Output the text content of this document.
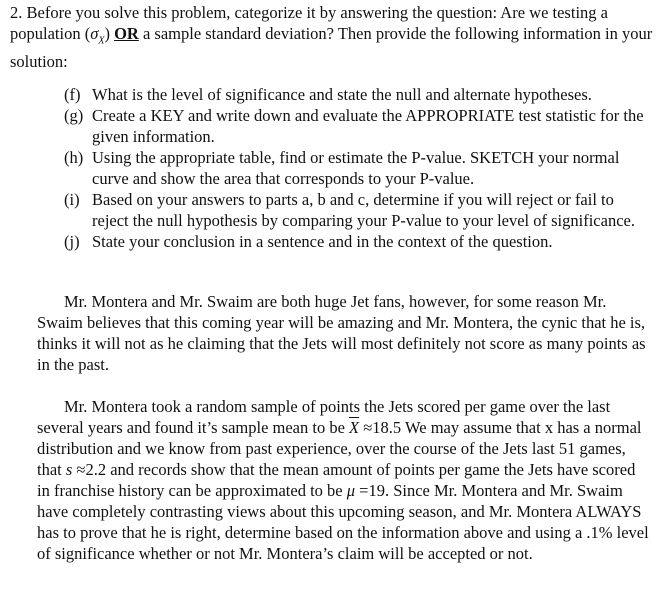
2. Before you solve this problem, categorize it by answering the question: Are we testing a population $(\sigma_X)$ OR a sample standard deviation? Then provide the following information in your solution:
(f) What is the level of significance and state the null and alternate hypotheses.
(g) Create a KEY and write down and evaluate the APPROPRIATE test statistic for the given information.
(h) Using the appropriate table, find or estimate the P-value. SKETCH your normal curve and show the area that corresponds to your P-value.
(i) Based on your answers to parts a, b and c, determine if you will reject or fail to reject the null hypothesis by comparing your P-value to your level of significance.
(j) State your conclusion in a sentence and in the context of the question.
Mr. Montera and Mr. Swaim are both huge Jet fans, however, for some reason Mr. Swaim believes that this coming year will be amazing and Mr. Montera, the cynic that he is, thinks it will not as he claiming that the Jets will most definitely not score as many points as in the past.
Mr. Montera took a random sample of points the Jets scored per game over the last several years and found it’s sample mean to be $\overline{X} \approx 18.5$ We may assume that x has a normal distribution and we know from past experience, over the course of the Jets last 51 games, that s ≈2.2 and records show that the mean amount of points per game the Jets have scored in franchise history can be approximated to be μ =19. Since Mr. Montera and Mr. Swaim have completely contrasting views about this upcoming season, and Mr. Montera ALWAYS has to prove that he is right, determine based on the information above and using a .1% level of significance whether or not Mr. Montera’s claim will be accepted or not.
